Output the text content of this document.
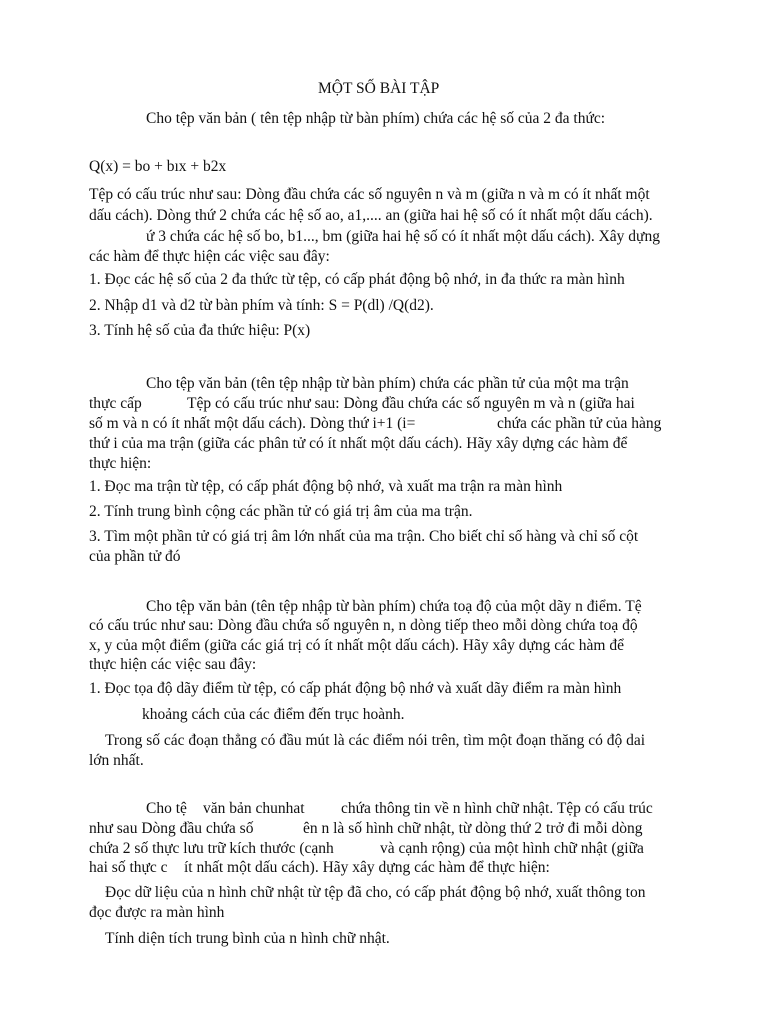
MỘT SỐ BÀI TẬP
Cho tệp văn bản ( tên tệp nhập từ bàn phím) chứa các hệ số của 2 đa thức:
Q(x) = bo + bıx + b2x
Tệp có cấu trúc như sau: Dòng đầu chứa các số nguyên n và m (giữa n và m có ít nhất một
dấu cách). Dòng thứ 2 chứa các hệ số ao, a1,.... an (giữa hai hệ số có ít nhất một dấu cách).
ứ 3 chứa các hệ số bo, b1..., bm (giữa hai hệ số có ít nhất một dấu cách). Xây dựng
các hàm để thực hiện các việc sau đây:
1. Đọc các hệ số của 2 đa thức từ tệp, có cấp phát động bộ nhớ, in đa thức ra màn hình
2. Nhập d1 và d2 từ bàn phím và tính: S = P(dl) /Q(d2).
3. Tính hệ số của đa thức hiệu: P(x)
Cho tệp văn bản (tên tệp nhập từ bàn phím) chứa các phần tử của một ma trận
thực cấp	Tệp có cấu trúc như sau: Dòng đầu chứa các số nguyên m và n (giữa hai
số m và n có ít nhất một dấu cách). Dòng thứ i+1 (i=	chứa các phần tử của hàng
thứ i của ma trận (giữa các phân tử có ít nhất một dấu cách). Hãy xây dựng các hàm để
thực hiện:
1. Đọc ma trận từ tệp, có cấp phát động bộ nhớ, và xuất ma trận ra màn hình
2. Tính trung bình cộng các phần tử có giá trị âm của ma trận.
3. Tìm một phần tử có giá trị âm lớn nhất của ma trận. Cho biết chỉ số hàng và chỉ số cột
của phần tử đó
Cho tệp văn bản (tên tệp nhập từ bàn phím) chứa toạ độ của một dãy n điểm. Tệ
có cấu trúc như sau: Dòng đầu chứa số nguyên n, n dòng tiếp theo mỗi dòng chứa toạ độ
x, y của một điểm (giữa các giá trị có ít nhất một dấu cách). Hãy xây dựng các hàm để
thực hiện các việc sau đây:
1. Đọc tọa độ dãy điểm từ tệp, có cấp phát động bộ nhớ và xuất dãy điểm ra màn hình
khoảng cách của các điểm đến trục hoành.
Trong số các đoạn thẳng có đầu mút là các điểm nói trên, tìm một đoạn thăng có độ dai
lớn nhất.
Cho tệ văn bản chunhat chứa thông tin về n hình chữ nhật. Tệp có cấu trúc
như sau Dòng đầu chứa số	ên n là số hình chữ nhật, từ dòng thứ 2 trở đi mỗi dòng
chứa 2 số thực lưu trữ kích thước (cạnh	và cạnh rộng) của một hình chữ nhật (giữa
hai số thực c ít nhất một dấu cách). Hãy xây dựng các hàm để thực hiện:
Đọc dữ liệu của n hình chữ nhật từ tệp đã cho, có cấp phát động bộ nhớ, xuất thông ton
đọc được ra màn hình
Tính diện tích trung bình của n hình chữ nhật.
